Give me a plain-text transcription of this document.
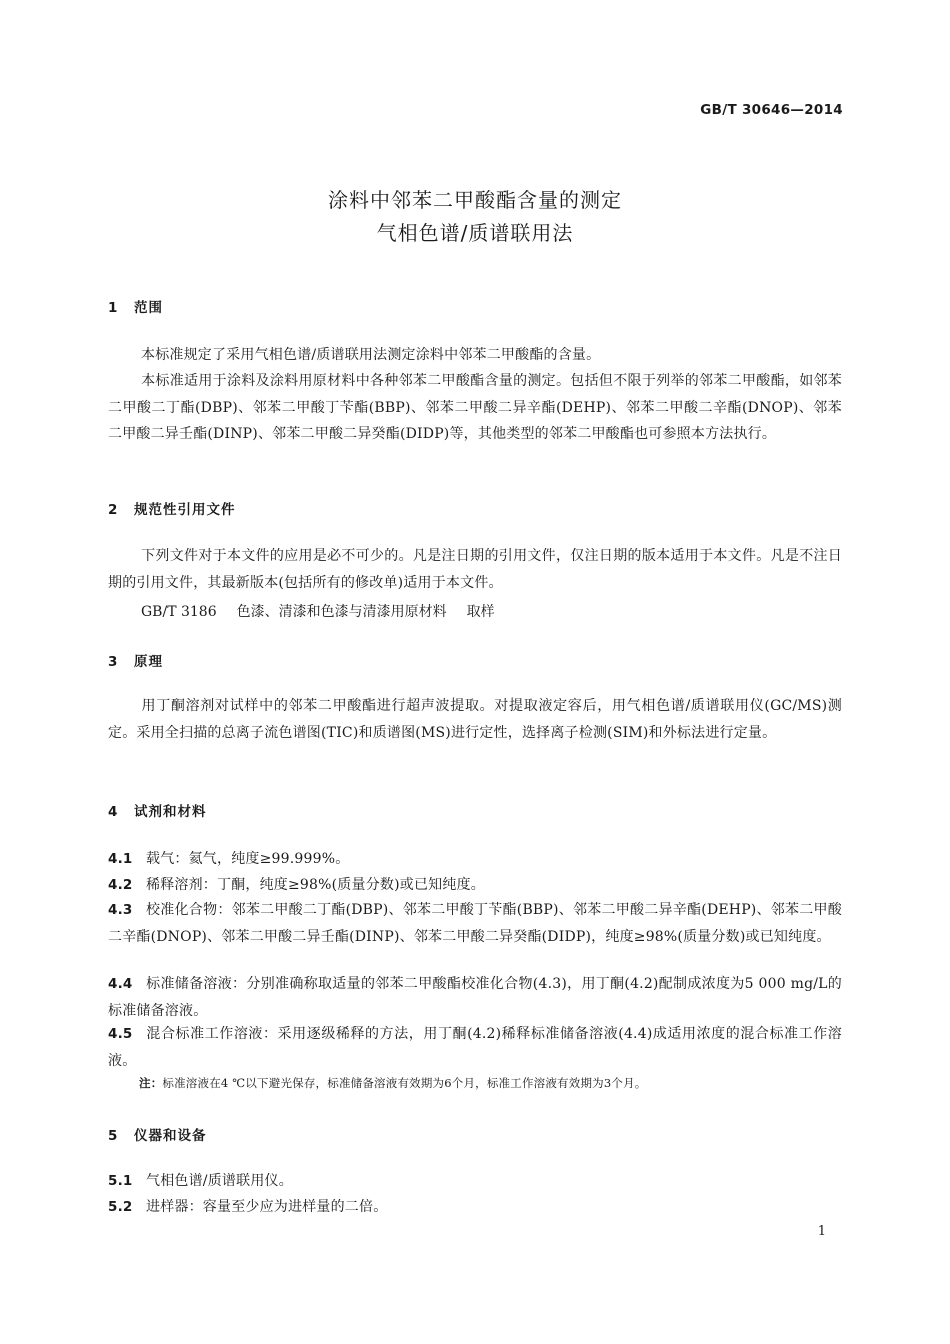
GB/T 30646—2014
涂料中邻苯二甲酸酯含量的测定
气相色谱/质谱联用法
1 范围
本标准规定了采用气相色谱/质谱联用法测定涂料中邻苯二甲酸酯的含量。
本标准适用于涂料及涂料用原材料中各种邻苯二甲酸酯含量的测定。包括但不限于列举的邻苯二甲酸酯，如邻苯二甲酸二丁酯(DBP)、邻苯二甲酸丁苄酯(BBP)、邻苯二甲酸二异辛酯(DEHP)、邻苯二甲酸二辛酯(DNOP)、邻苯二甲酸二异壬酯(DINP)、邻苯二甲酸二异癸酯(DIDP)等，其他类型的邻苯二甲酸酯也可参照本方法执行。
2 规范性引用文件
下列文件对于本文件的应用是必不可少的。凡是注日期的引用文件，仅注日期的版本适用于本文件。凡是不注日期的引用文件，其最新版本(包括所有的修改单)适用于本文件。
GB/T 3186 色漆、清漆和色漆与清漆用原材料 取样
3 原理
用丁酮溶剂对试样中的邻苯二甲酸酯进行超声波提取。对提取液定容后，用气相色谱/质谱联用仪(GC/MS)测定。采用全扫描的总离子流色谱图(TIC)和质谱图(MS)进行定性，选择离子检测(SIM)和外标法进行定量。
4 试剂和材料
4.1 载气：氦气，纯度≥99.999%。
4.2 稀释溶剂：丁酮，纯度≥98%(质量分数)或已知纯度。
4.3 校准化合物：邻苯二甲酸二丁酯(DBP)、邻苯二甲酸丁苄酯(BBP)、邻苯二甲酸二异辛酯(DEHP)、邻苯二甲酸二辛酯(DNOP)、邻苯二甲酸二异壬酯(DINP)、邻苯二甲酸二异癸酯(DIDP)，纯度≥98%(质量分数)或已知纯度。
4.4 标准储备溶液：分别准确称取适量的邻苯二甲酸酯校准化合物(4.3)，用丁酮(4.2)配制成浓度为5 000 mg/L的标准储备溶液。
4.5 混合标准工作溶液：采用逐级稀释的方法，用丁酮(4.2)稀释标准储备溶液(4.4)成适用浓度的混合标准工作溶液。
注：标准溶液在4 ℃以下避光保存，标准储备溶液有效期为6个月，标准工作溶液有效期为3个月。
5 仪器和设备
5.1 气相色谱/质谱联用仪。
5.2 进样器：容量至少应为进样量的二倍。
1
